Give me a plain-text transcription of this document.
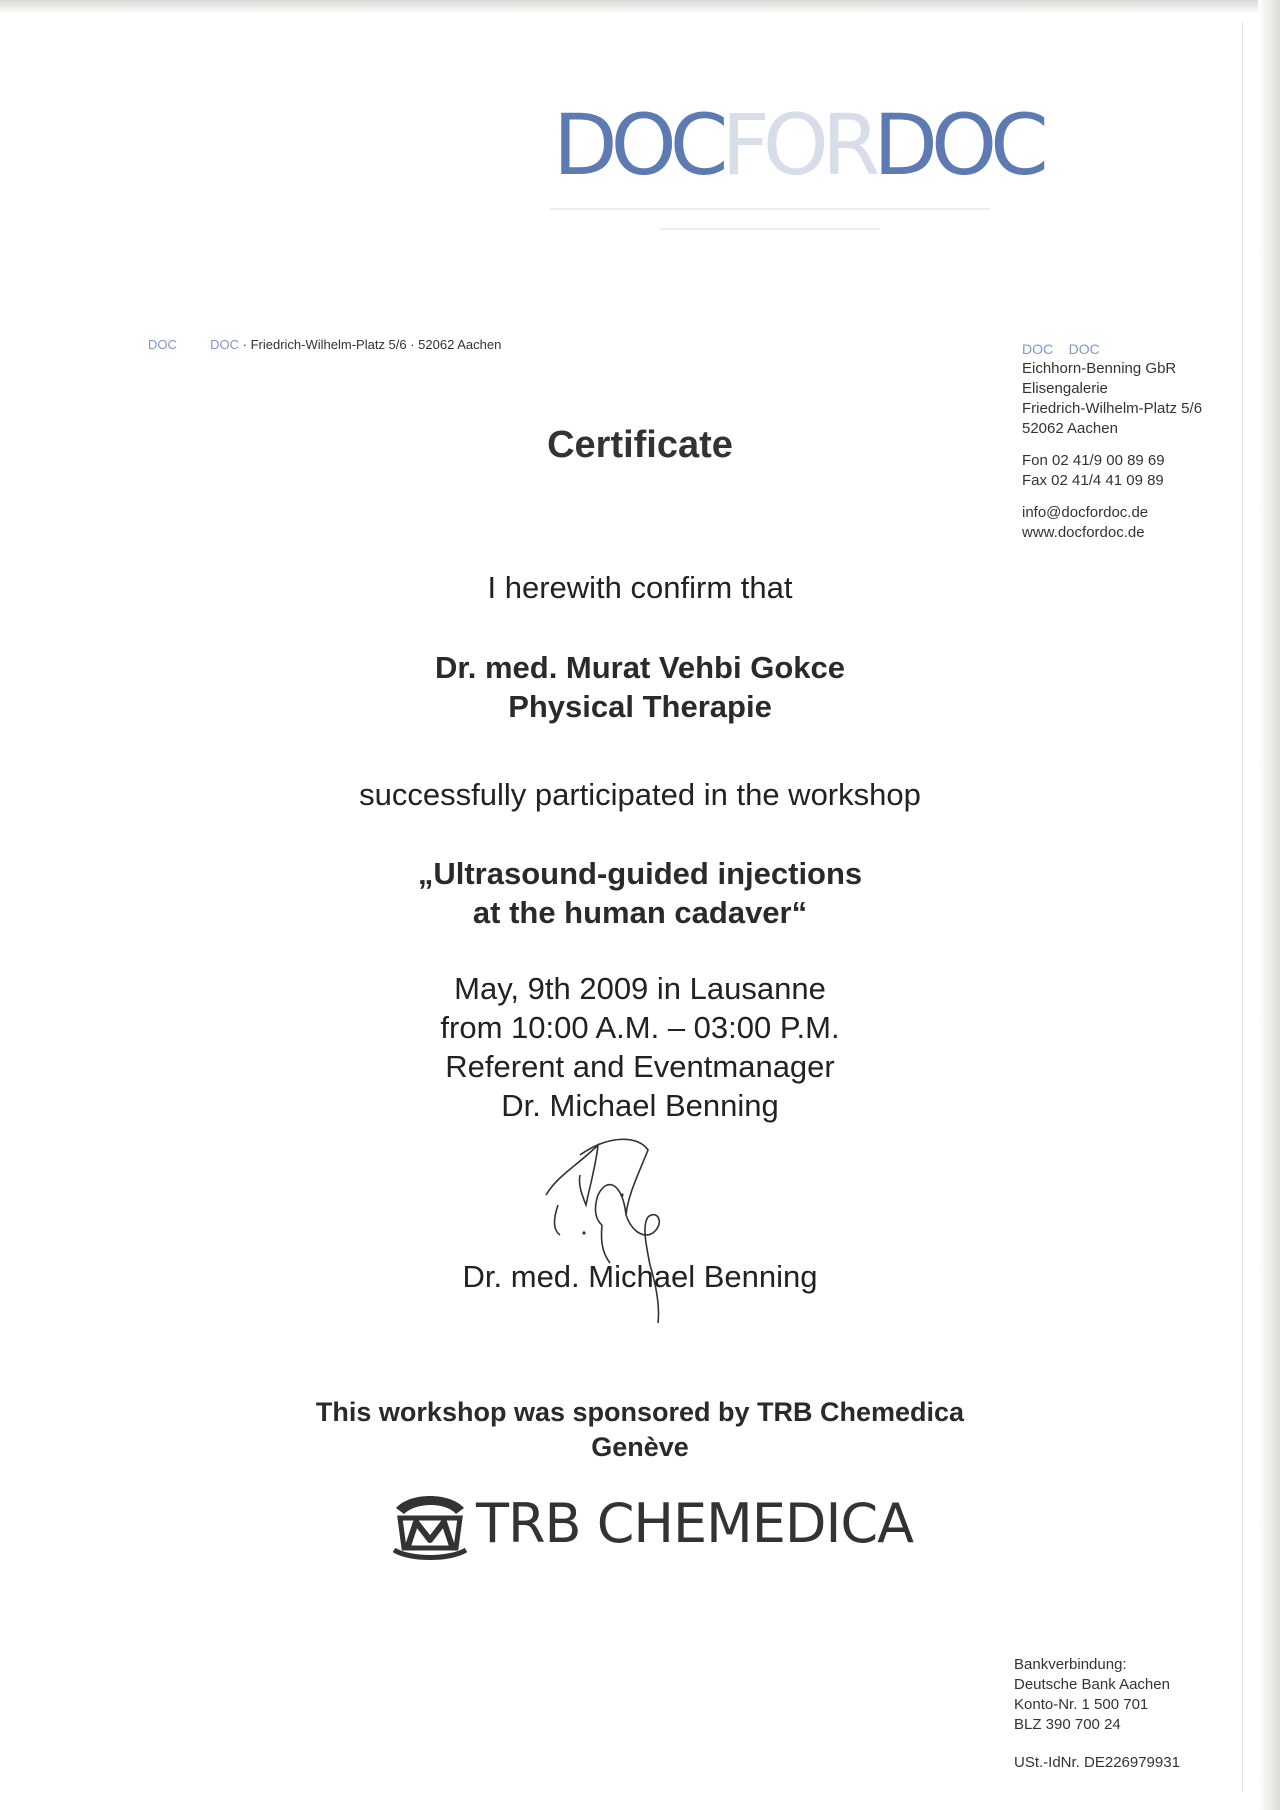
DOCFORDOC
DOC	DOC · Friedrich-Wilhelm-Platz 5/6 · 52062 Aachen	DOC    DOC
Eichhorn-Benning GbR
Elisengalerie
Friedrich-Wilhelm-Platz 5/6
52062 Aachen
Fon 02 41/9 00 89 69
Fax 02 41/4 41 09 89
info@docfordoc.de
www.docfordoc.de
Certificate
I herewith confirm that
Dr. med. Murat Vehbi Gokce
Physical Therapie
successfully participated in the workshop
„Ultrasound-guided injections
at the human cadaver“
May, 9th 2009 in Lausanne
from 10:00 A.M. – 03:00 P.M.
Referent and Eventmanager
Dr. Michael Benning
Dr. med. Michael Benning
This workshop was sponsored by TRB Chemedica
Genève
TRB CHEMEDICA
Bankverbindung:
Deutsche Bank Aachen
Konto-Nr. 1 500 701
BLZ 390 700 24
USt.-IdNr. DE226979931
